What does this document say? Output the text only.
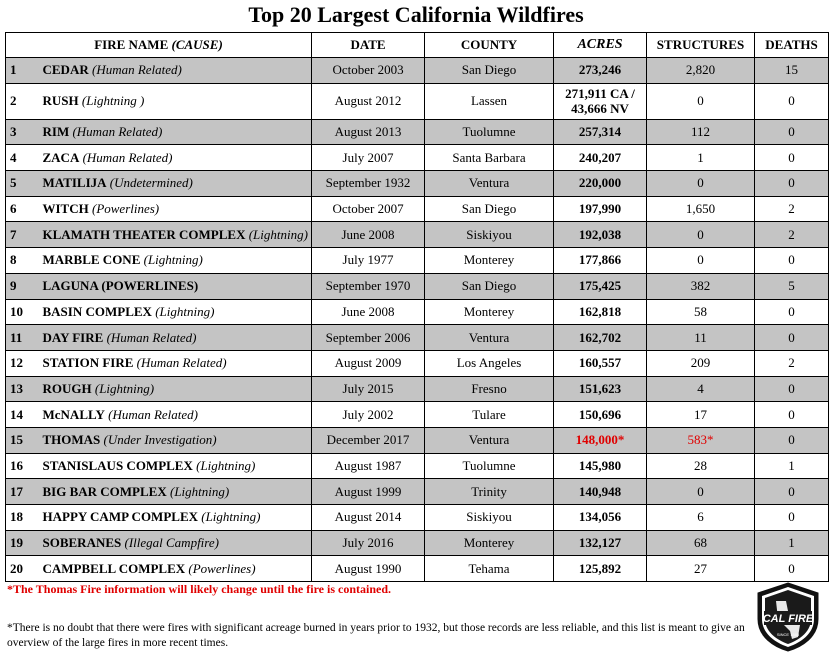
Top 20 Largest California Wildfires
FIRE NAME (CAUSE)		DATE	COUNTY	ACRES	STRUCTURES	DEATHS
1	CEDAR (Human Related)	October 2003	San Diego	273,246	2,820	15
2	RUSH (Lightning )	August 2012	Lassen	271,911 CA / 43,666 NV	0	0
3	RIM (Human Related)	August 2013	Tuolumne	257,314	112	0
4	ZACA (Human Related)	July 2007	Santa Barbara	240,207	1	0
5	MATILIJA (Undetermined)	September 1932	Ventura	220,000	0	0
6	WITCH (Powerlines)	October 2007	San Diego	197,990	1,650	2
7	KLAMATH THEATER COMPLEX (Lightning)	June 2008	Siskiyou	192,038	0	2
8	MARBLE CONE (Lightning)	July 1977	Monterey	177,866	0	0
9	LAGUNA (POWERLINES)	September 1970	San Diego	175,425	382	5
10	BASIN COMPLEX (Lightning)	June 2008	Monterey	162,818	58	0
11	DAY FIRE (Human Related)	September 2006	Ventura	162,702	11	0
12	STATION FIRE (Human Related)	August 2009	Los Angeles	160,557	209	2
13	ROUGH (Lightning)	July 2015	Fresno	151,623	4	0
14	McNALLY (Human Related)	July 2002	Tulare	150,696	17	0
15	THOMAS (Under Investigation)	December 2017	Ventura	148,000*	583*	0
16	STANISLAUS COMPLEX (Lightning)	August 1987	Tuolumne	145,980	28	1
17	BIG BAR COMPLEX (Lightning)	August 1999	Trinity	140,948	0	0
18	HAPPY CAMP COMPLEX (Lightning)	August 2014	Siskiyou	134,056	6	0
19	SOBERANES (Illegal Campfire)	July 2016	Monterey	132,127	68	1
20	CAMPBELL COMPLEX (Powerlines)	August 1990	Tehama	125,892	27	0
*The Thomas Fire information will likely change until the fire is contained.
*There is no doubt that there were fires with significant acreage burned in years prior to 1932, but those records are less reliable, and this list is meant to give an overview of the large fires in more recent times.
CAL FIRE
SINCE 1885
